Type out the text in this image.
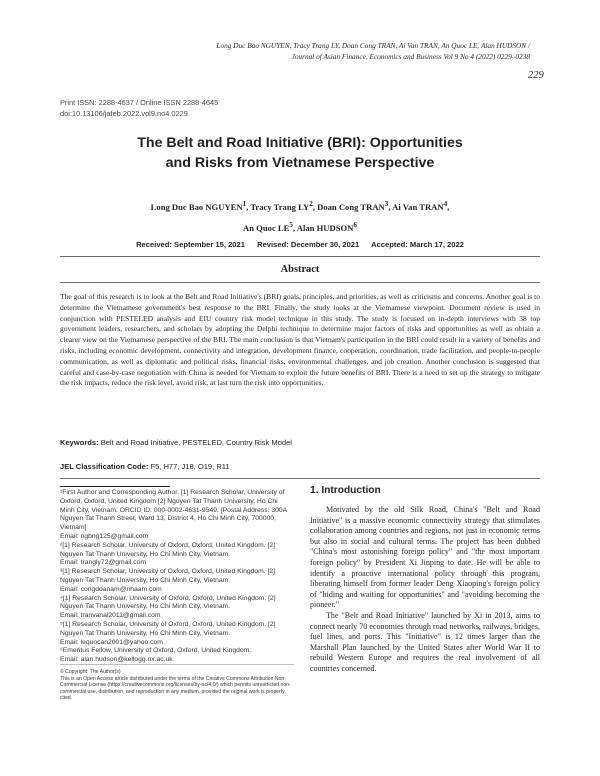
Long Duc Bao NGUYEN, Tracy Trang LY, Doan Cong TRAN, Ai Van TRAN, An Quoc LE, Alan HUDSON /
Journal of Asian Finance, Economics and Business Vol 9 No 4 (2022) 0229–0238
229
Print ISSN: 2288-4637 / Online ISSN 2288-4645
doi:10.13106/jafeb.2022.vol9.no4.0229
The Belt and Road Initiative (BRI): Opportunities
and Risks from Vietnamese Perspective
Long Duc Bao NGUYEN$^1$, Tracy Trang $LY^2$, Doan Cong TRAN$^3$, Ai Van TRAN$^4$,
An Quoc $LE^5$, Alan HUDSON$^6$
Received: September 15, 2021 Revised: December 30, 2021 Accepted: March 17, 2022
Abstract
The goal of this research is to look at the Belt and Road Initiative's (BRI) goals, principles, and priorities, as well as criticisms and concerns. Another goal is to determine the Vietnamese government's best response to the BRI. Finally, the study looks at the Vietnamese viewpoint. Document review is used in conjunction with PESTELED analysis and EIU country risk model technique in this study. The study is focused on in-depth interviews with 38 top government leaders, researchers, and scholars by adopting the Delphi technique to determine major factors of risks and opportunities as well as obtain a clearer view on the Vietnamese perspective of the BRI. The main conclusion is that Vietnam's participation in the BRI could result in a variety of benefits and risks, including economic development, connectivity and integration, development finance, cooperation, coordination, trade facilitation, and people-to-people communication, as well as diplomatic and political risks, financial risks, environmental challenges, and job creation. Another conclusion is suggested that careful and case-by-case negotiation with China is needed for Vietnam to exploit the future benefits of BRI. There is a need to set up the strategy to mitigate the risk impacts, reduce the risk level, avoid risk, at last turn the risk into opportunities.
Keywords: Belt and Road Initiative, PESTELED, Country Risk Model
JEL Classification Code: F5, H77, J18, O19, R11

¹First Author and Corresponding Author. [1] Research Scholar, University of Oxford, Oxford, United Kingdom [2] Nguyen Tat Thanh University, Ho Chi Minh City, Vietnam. ORCID ID: 000-0002-4631-9549. [Postal Address: 300A Nguyen Tat Thanh Street, Ward 13, District 4, Ho Chi Minh City, 700000, Vietnam]

Email: ngbng125@gmail.com

²[1] Research Scholar, University of Oxford, Oxford, United Kingdom. [2] Nguyen Tat Thanh University, Ho Chi Minh City, Vietnam.

Email: trangly72@gmail.com

³[1] Research Scholar, University of Oxford, Oxford, United Kingdom. [2] Nguyen Tat Thanh University, Ho Chi Minh City, Vietnam.

Email: congdoanam@nhaam.com

⁴[1] Research Scholar, University of Oxford, Oxford, United Kingdom. [2] Nguyen Tat Thanh University, Ho Chi Minh City, Vietnam.

Email: tranvanai2011@gmail.com

⁵[1] Research Scholar, University of Oxford, Oxford, United Kingdom. [2] Nguyen Tat Thanh University, Ho Chi Minh City, Vietnam.

Email: lequocan2001@yahoo.com

⁶Emeritus Fellow, University of Oxford, Oxford, United Kingdom.

Email: alan.hudson@kellogg.ox.ac.uk

© Copyright: The Author(s)

This is an Open Access article distributed under the terms of the Creative Commons Attribution Non-Commercial License (https://creativecommons.org/licenses/by-nc/4.0/) which permits unrestricted non-commercial use, distribution, and reproduction in any medium, provided the original work is properly cited.

1. Introduction

Motivated by the old Silk Road, China's "Belt and Road Initiative" is a massive economic connectivity strategy that stimulates collaboration among countries and regions, not just in economic terms but also in social and cultural terms. The project has been dubbed "China's most astonishing foreign policy" and "the most important foreign policy" by President Xi Jinping to date. He will be able to identify a proactive international policy through this program, liberating himself from former leader Deng Xiaoping's foreign policy of "hiding and waiting for opportunities" and "avoiding becoming the pioneer."

The "Belt and Road Initiative" launched by Xi in 2013, aims to connect nearly 70 economies through road networks, railways, bridges, fuel lines, and ports. This "Initiative" is 12 times larger than the Marshall Plan launched by the United States after World War II to rebuild Western Europe and requires the real involvement of all countries concerned.
